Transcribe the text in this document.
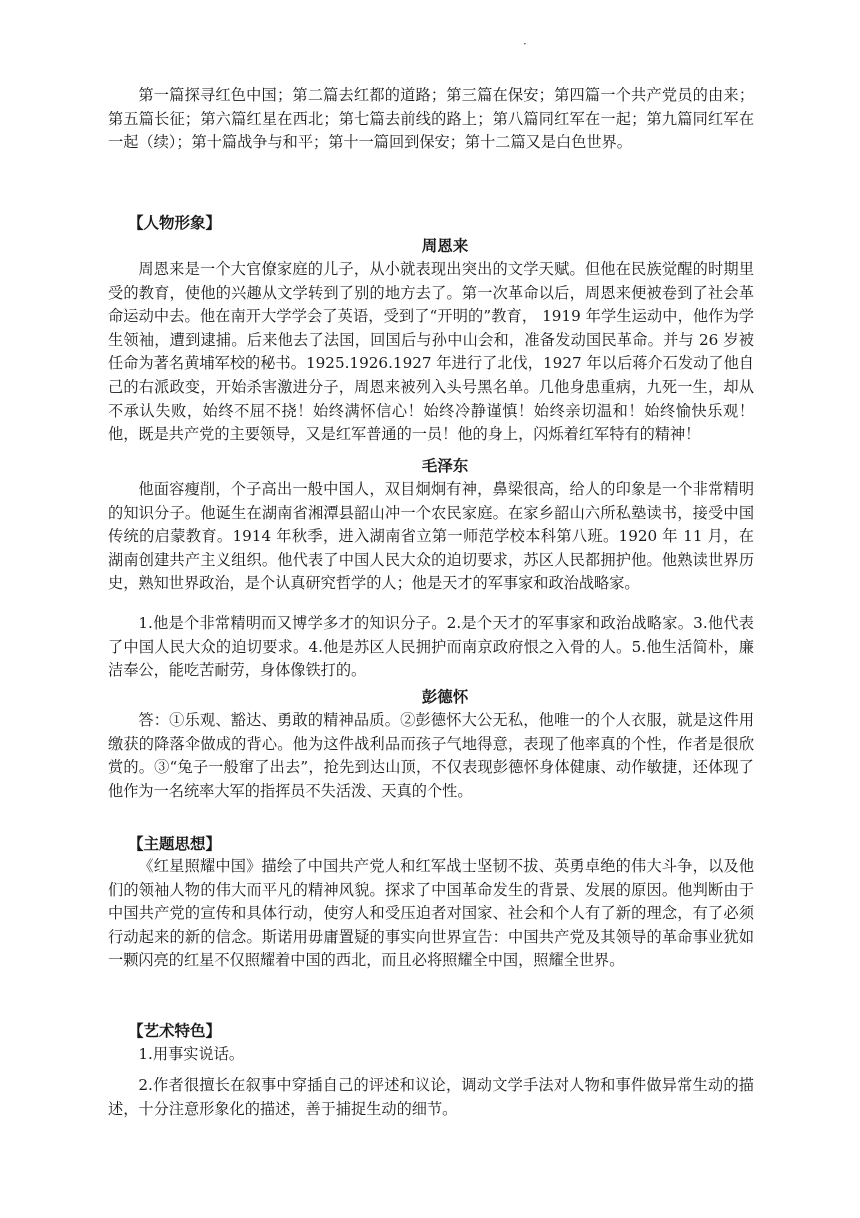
·

第一篇探寻红色中国；第二篇去红都的道路；第三篇在保安；第四篇一个共产党员的由来；第五篇长征；第六篇红星在西北；第七篇去前线的路上；第八篇同红军在一起；第九篇同红军在一起（续）；第十篇战争与和平；第十一篇回到保安；第十二篇又是白色世界。

【人物形象】
周恩来

周恩来是一个大官僚家庭的儿子，从小就表现出突出的文学天赋。但他在民族觉醒的时期里受的教育，使他的兴趣从文学转到了别的地方去了。第一次革命以后，周恩来便被卷到了社会革命运动中去。他在南开大学学会了英语，受到了“开明的”教育， 1919 年学生运动中，他作为学生领袖，遭到逮捕。后来他去了法国，回国后与孙中山会和，准备发动国民革命。并与 26 岁被任命为著名黄埔军校的秘书。1925.1926.1927 年进行了北伐，1927 年以后蒋介石发动了他自己的右派政变，开始杀害激进分子，周恩来被列入头号黑名单。几他身患重病，九死一生，却从不承认失败，始终不屈不挠！始终满怀信心！始终冷静谨慎！始终亲切温和！始终愉快乐观！他，既是共产党的主要领导，又是红军普通的一员！他的身上，闪烁着红军特有的精神！

毛泽东

他面容瘦削，个子高出一般中国人，双目炯炯有神，鼻梁很高，给人的印象是一个非常精明的知识分子。他诞生在湖南省湘潭县韶山冲一个农民家庭。在家乡韶山六所私塾读书，接受中国传统的启蒙教育。1914 年秋季，进入湖南省立第一师范学校本科第八班。1920 年 11 月，在湖南创建共产主义组织。他代表了中国人民大众的迫切要求，苏区人民都拥护他。他熟读世界历史，熟知世界政治，是个认真研究哲学的人；他是天才的军事家和政治战略家。

1.他是个非常精明而又博学多才的知识分子。2.是个天才的军事家和政治战略家。3.他代表了中国人民大众的迫切要求。4.他是苏区人民拥护而南京政府恨之入骨的人。5.他生活简朴，廉洁奉公，能吃苦耐劳，身体像铁打的。

彭德怀

答：①乐观、豁达、勇敢的精神品质。②彭德怀大公无私，他唯一的个人衣服，就是这件用缴获的降落伞做成的背心。他为这件战利品而孩子气地得意，表现了他率真的个性，作者是很欣赏的。③“兔子一般窜了出去”，抢先到达山顶，不仅表现彭德怀身体健康、动作敏捷，还体现了他作为一名统率大军的指挥员不失活泼、天真的个性。

【主题思想】

《红星照耀中国》描绘了中国共产党人和红军战士坚韧不拔、英勇卓绝的伟大斗争，以及他们的领袖人物的伟大而平凡的精神风貌。探求了中国革命发生的背景、发展的原因。他判断由于中国共产党的宣传和具体行动，使穷人和受压迫者对国家、社会和个人有了新的理念，有了必须行动起来的新的信念。斯诺用毋庸置疑的事实向世界宣告：中国共产党及其领导的革命事业犹如一颗闪亮的红星不仅照耀着中国的西北，而且必将照耀全中国，照耀全世界。

【艺术特色】

1.用事实说话。

2.作者很擅长在叙事中穿插自己的评述和议论，调动文学手法对人物和事件做异常生动的描述，十分注意形象化的描述，善于捕捉生动的细节。
